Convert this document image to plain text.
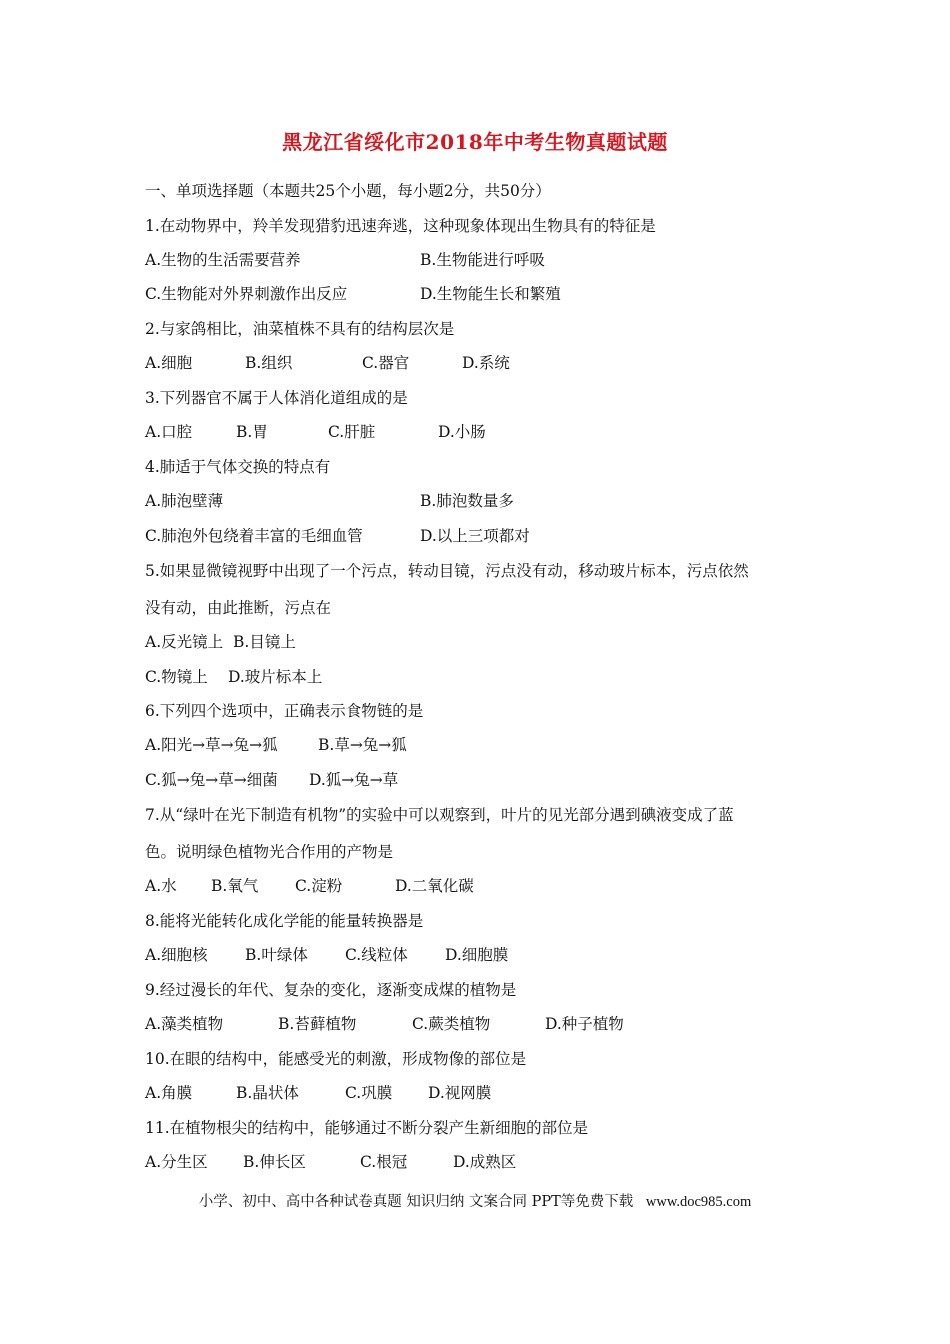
黑龙江省绥化市2018年中考生物真题试题
一、单项选择题（本题共25个小题，每小题2分，共50分）
1.在动物界中，羚羊发现猎豹迅速奔逃，这种现象体现出生物具有的特征是
A.生物的生活需要营养	B.生物能进行呼吸
C.生物能对外界刺激作出反应	D.生物能生长和繁殖
2.与家鸽相比，油菜植株不具有的结构层次是
A.细胞	B.组织	C.器官	D.系统
3.下列器官不属于人体消化道组成的是
A.口腔	B.胃	C.肝脏	D.小肠
4.肺适于气体交换的特点有
A.肺泡壁薄	B.肺泡数量多
C.肺泡外包绕着丰富的毛细血管	D.以上三项都对
5.如果显微镜视野中出现了一个污点，转动目镜，污点没有动，移动玻片标本，污点依然
没有动，由此推断，污点在
A.反光镜上 B.目镜上
C.物镜上 D.玻片标本上
6.下列四个选项中，正确表示食物链的是
A.阳光→草→兔→狐	B.草→兔→狐
C.狐→兔→草→细菌 D.狐→兔→草
7.从“绿叶在光下制造有机物”的实验中可以观察到，叶片的见光部分遇到碘液变成了蓝
色。说明绿色植物光合作用的产物是
A.水 B.氧气 C.淀粉	D.二氧化碳
8.能将光能转化成化学能的能量转换器是
A.细胞核 B.叶绿体 C.线粒体 D.细胞膜
9.经过漫长的年代、复杂的变化，逐渐变成煤的植物是
A.藻类植物	B.苔藓植物	C.蕨类植物	D.种子植物
10.在眼的结构中，能感受光的刺激，形成物像的部位是
A.角膜	B.晶状体	C.巩膜 D.视网膜
11.在植物根尖的结构中，能够通过不断分裂产生新细胞的部位是
A.分生区 B.伸长区	C.根冠	D.成熟区
小学、初中、高中各种试卷真题 知识归纳 文案合同 PPT等免费下载 www.doc985.com
